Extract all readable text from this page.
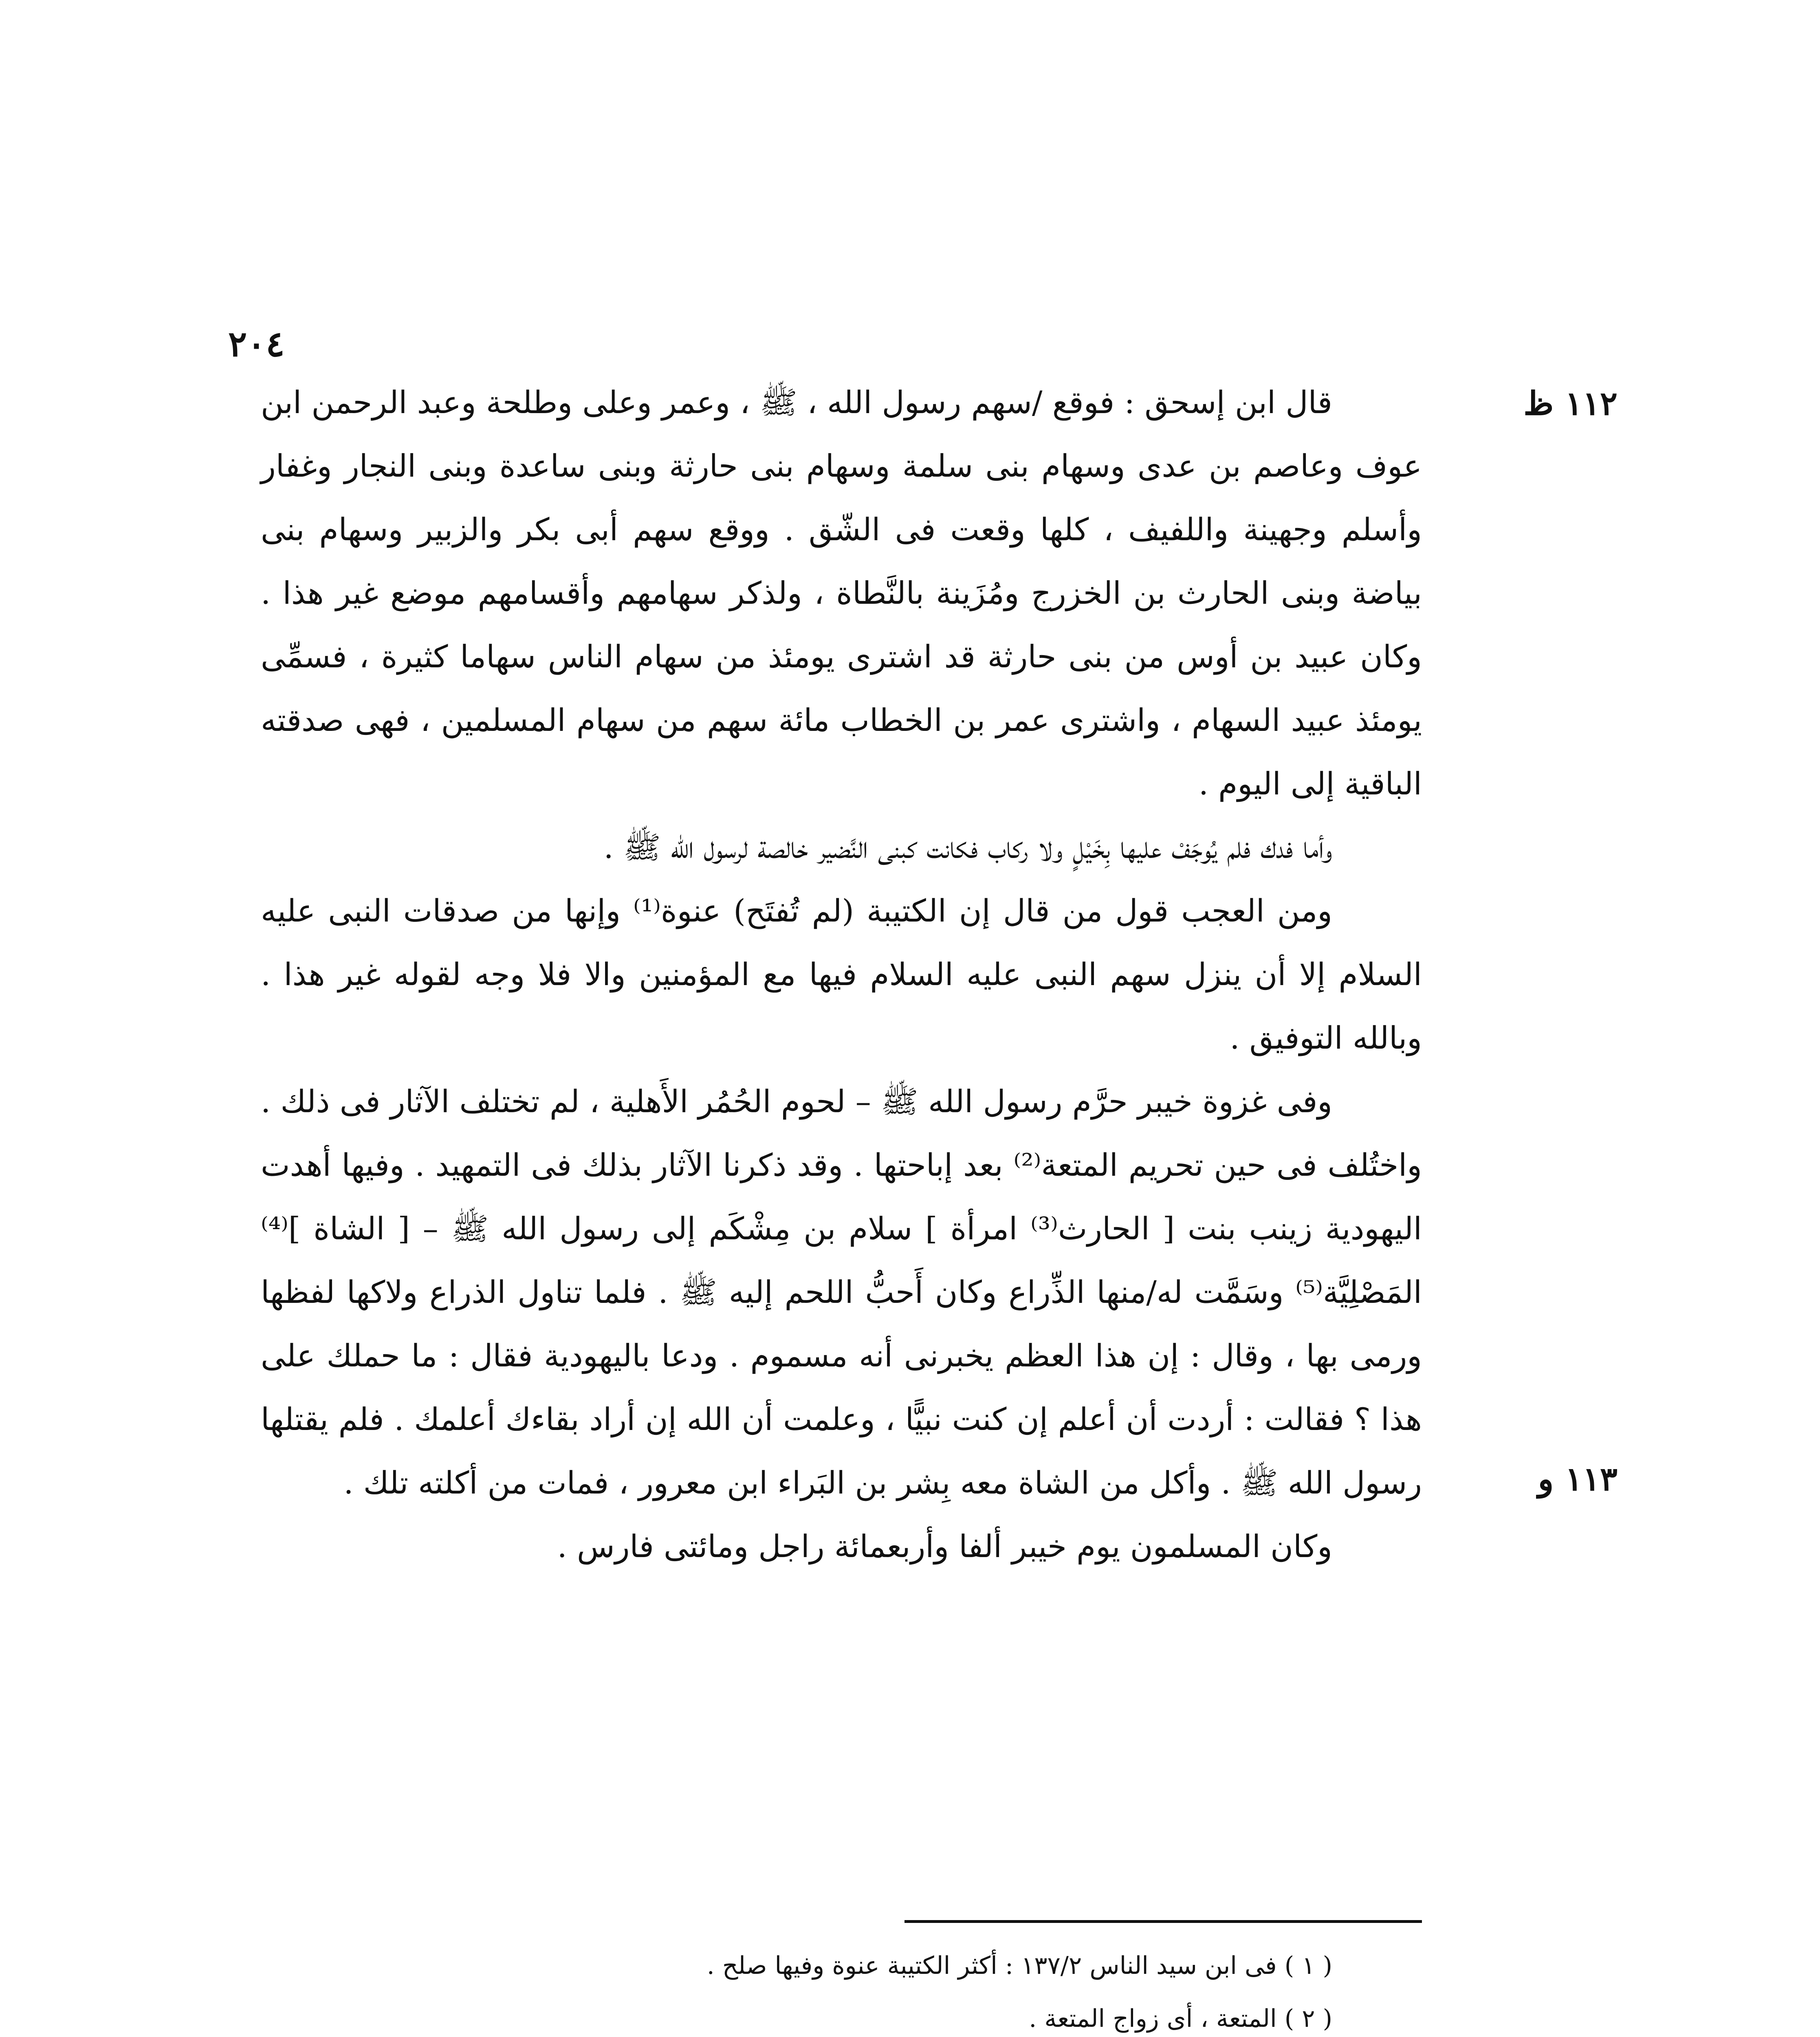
٢٠٤
١١٢ ظ
١١٣ و

قال ابن إسحق : فوقع /سهم رسول الله ، ﷺ ، وعمر وعلى وطلحة وعبد الرحمن ابن عوف وعاصم بن عدى وسهام بنى سلمة وسهام بنى حارثة وبنى ساعدة وبنى النجار وغفار وأسلم وجهينة واللفيف ، كلها وقعت فى الشّق . ووقع سهم أبى بكر والزبير وسهام بنى بياضة وبنى الحارث بن الخزرج ومُزَينة بالنَّطاة ، ولذكر سهامهم وأقسامهم موضع غير هذا . وكان عبيد بن أوس من بنى حارثة قد اشترى يومئذ من سهام الناس سهاما كثيرة ، فسمِّى يومئذ عبيد السهام ، واشترى عمر بن الخطاب مائة سهم من سهام المسلمين ، فهى صدقته الباقية إلى اليوم .

وأما فدك فلم يُوجَفْ عليها بِخَيْلٍ ولا ركاب فكانت كبنى النَّضير خالصة لرسول الله ﷺ .

ومن العجب قول من قال إن الكتيبة (لم تُفتَح) عنوة⁽¹⁾ وإنها من صدقات النبى عليه السلام إلا أن ينزل سهم النبى عليه السلام فيها مع المؤمنين والا فلا وجه لقوله غير هذا . وبالله التوفيق .

وفى غزوة خيبر حرَّم رسول الله ﷺ – لحوم الحُمُر الأَهلية ، لم تختلف الآثار فى ذلك . واختُلف فى حين تحريم المتعة⁽²⁾ بعد إباحتها . وقد ذكرنا الآثار بذلك فى التمهيد . وفيها أهدت اليهودية زينب بنت [ الحارث⁽³⁾ امرأة ] سلام بن مِشْكَم إلى رسول الله ﷺ – [ الشاة ]⁽⁴⁾ المَصْلِيَّة⁽⁵⁾ وسَمَّت له/منها الذِّراع وكان أَحبُّ اللحم إليه ﷺ . فلما تناول الذراع ولاكها لفظها ورمى بها ، وقال : إن هذا العظم يخبرنى أنه مسموم . ودعا باليهودية فقال : ما حملك على هذا ؟ فقالت : أردت أن أعلم إن كنت نبيًّا ، وعلمت أن الله إن أراد بقاءك أعلمك . فلم يقتلها رسول الله ﷺ . وأكل من الشاة معه بِشر بن البَراء ابن معرور ، فمات من أكلته تلك .

وكان المسلمون يوم خيبر ألفا وأربعمائة راجل ومائتى فارس .

( ١ ) فى ابن سيد الناس ١٣٧/٢ : أكثر الكتيبة عنوة وفيها صلح .
( ٢ ) المتعة ، أى زواج المتعة .
